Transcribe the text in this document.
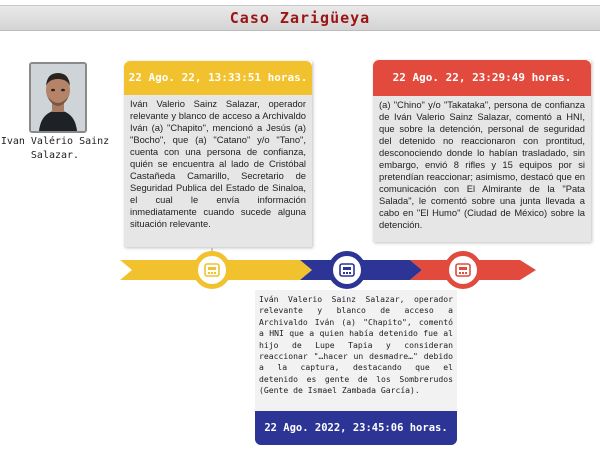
Caso Zarigüeya
Ivan Valério Sainz Salazar.
22 Ago. 22, 13:33:51 horas.
Iván Valerio Sainz Salazar, operador relevante y blanco de acceso a Archivaldo Iván (a) "Chapito", mencionó a Jesús (a) "Bocho", que (a) "Catano" y/o "Tano", cuenta con una persona de confianza, quién se encuentra al lado de Cristóbal Castañeda Camarillo, Secretario de Seguridad Publica del Estado de Sinaloa, el cual le envía información inmediatamente cuando sucede alguna situación relevante.
22 Ago. 22, 23:29:49 horas.
(a) "Chino" y/o "Takataka", persona de confianza de Iván Valerio Sainz Salazar, comentó a HNI, que sobre la detención, personal de seguridad del detenido no reaccionaron con prontitud, desconociendo donde lo habían trasladado, sin embargo, envió 8 rifles y 15 equipos por si pretendían reaccionar; asimismo, destacó que en comunicación con El Almirante de la "Pata Salada", le comentó sobre una junta llevada a cabo en "El Humo" (Ciudad de México) sobre la detención.
Iván Valerio Sainz Salazar, operador relevante y blanco de acceso a Archivaldo Iván (a) "Chapito", comentó a HNI que a quien había detenido fue al hijo de Lupe Tapia y consideran reaccionar "…hacer un desmadre…" debido a la captura, destacando que el detenido es gente de los Sombrerudos (Gente de Ismael Zambada García).
22 Ago. 2022, 23:45:06 horas.
